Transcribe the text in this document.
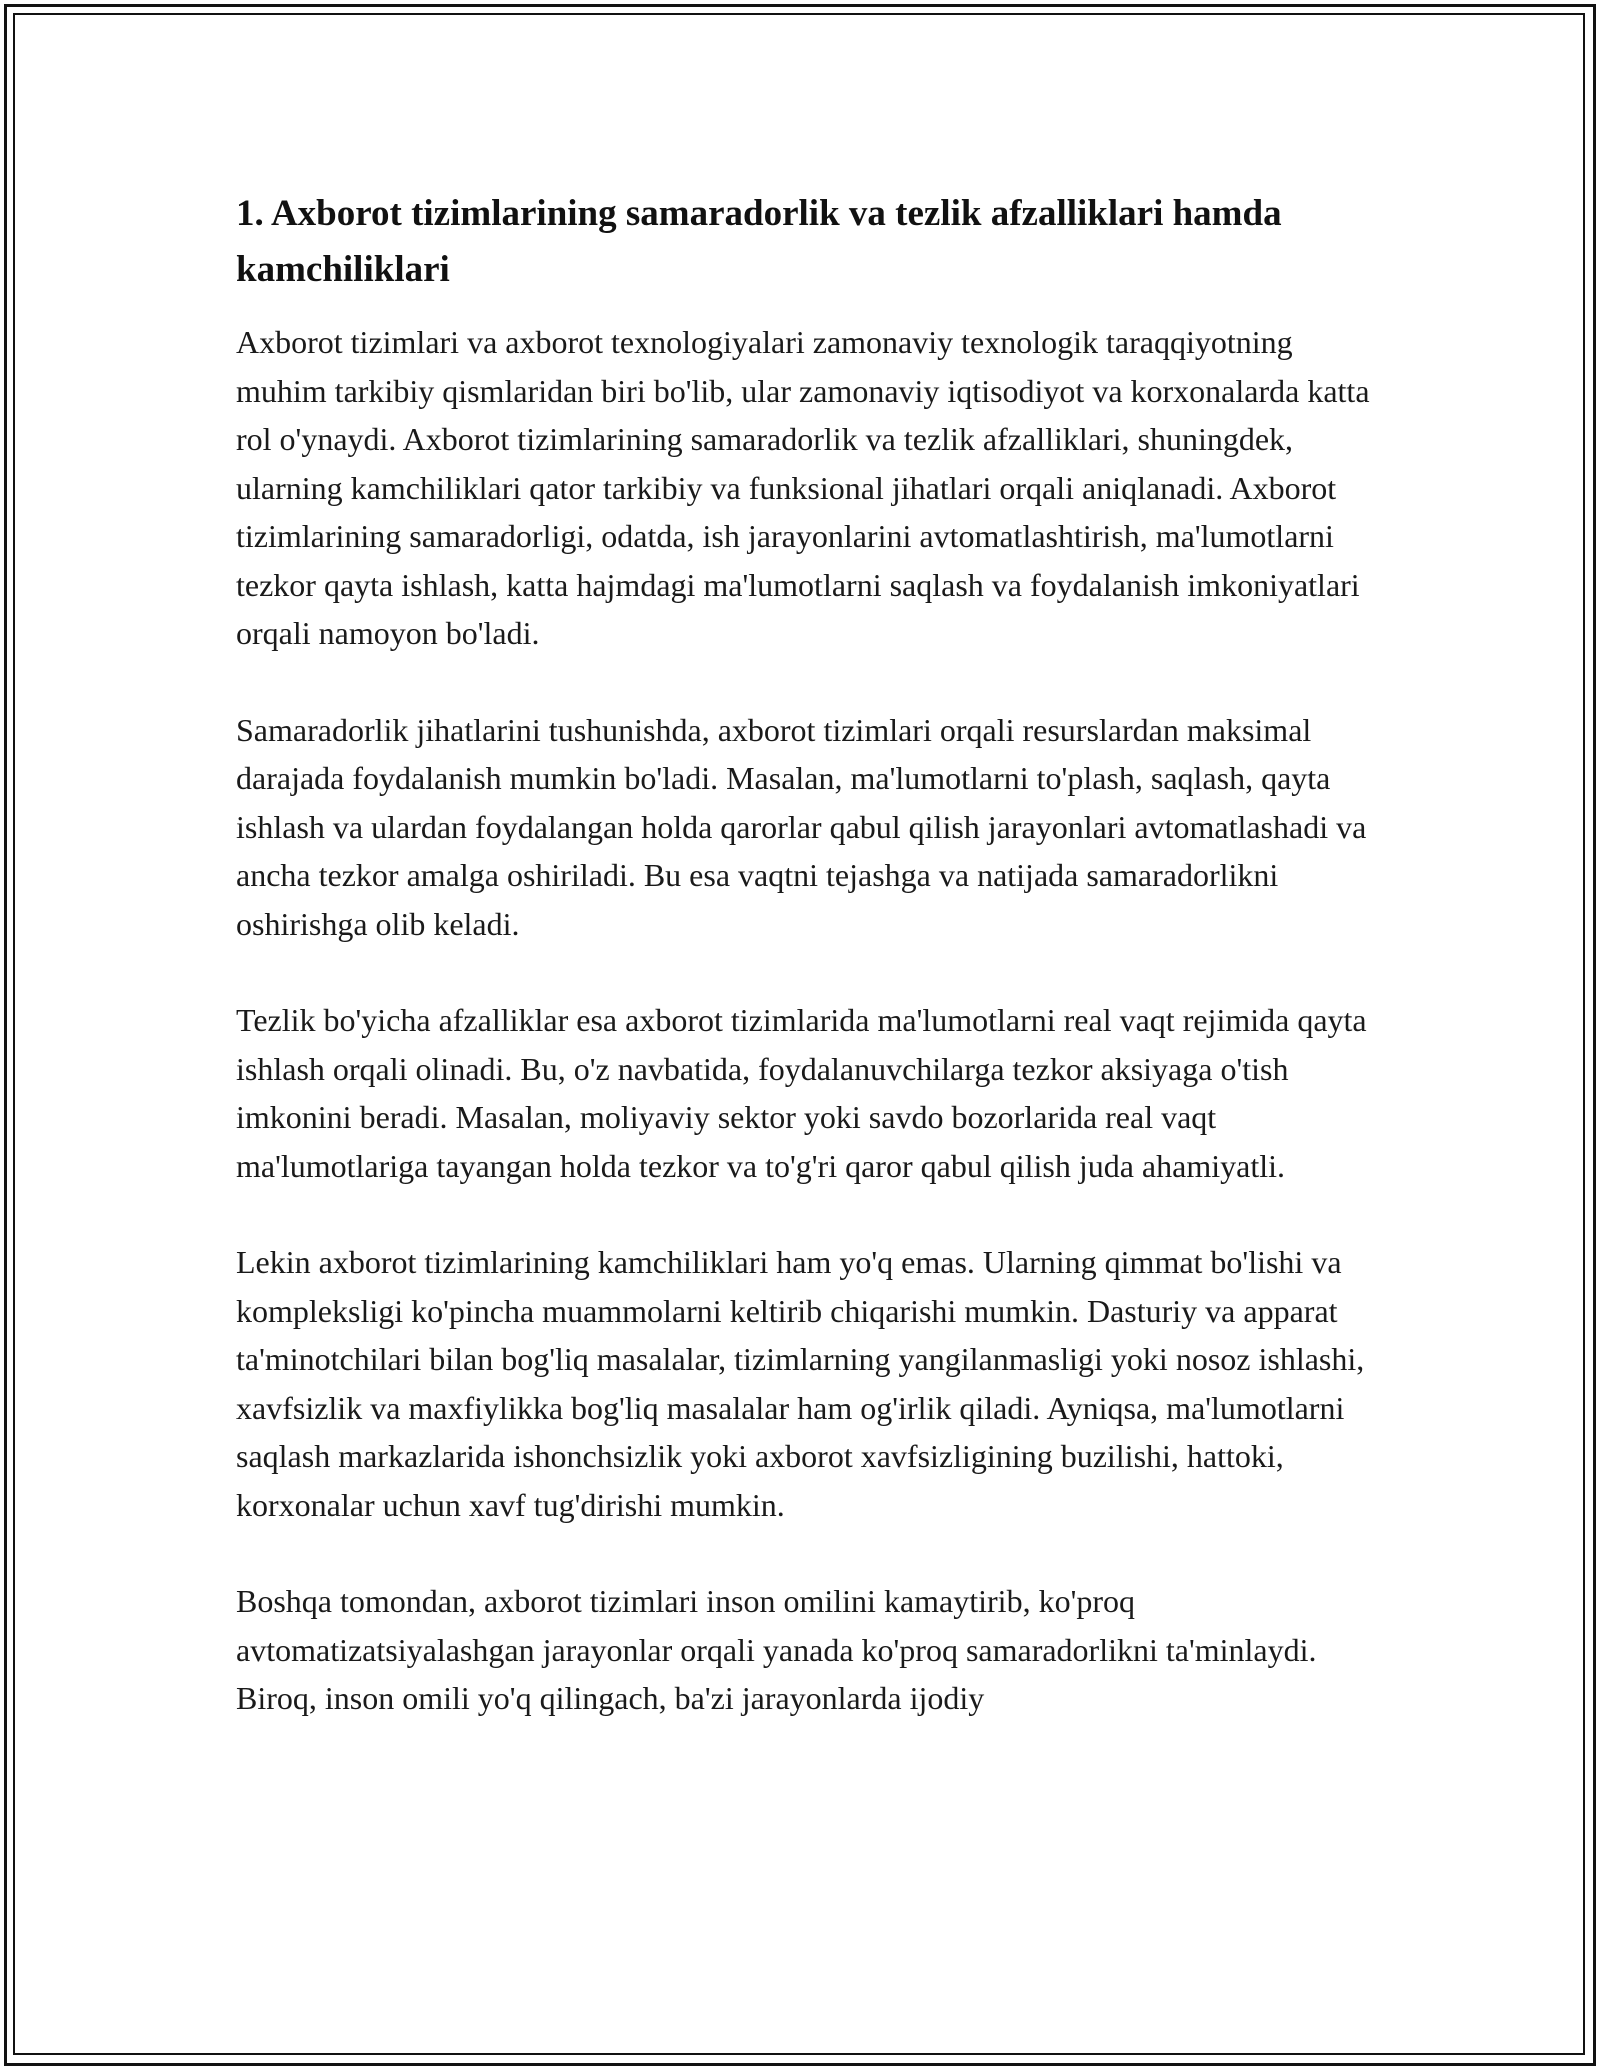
1. Axborot tizimlarining samaradorlik va tezlik afzalliklari hamda kamchiliklari

Axborot tizimlari va axborot texnologiyalari zamonaviy texnologik taraqqiyotning muhim tarkibiy qismlaridan biri bo'lib, ular zamonaviy iqtisodiyot va korxonalarda katta rol o'ynaydi. Axborot tizimlarining samaradorlik va tezlik afzalliklari, shuningdek, ularning kamchiliklari qator tarkibiy va funksional jihatlari orqali aniqlanadi. Axborot tizimlarining samaradorligi, odatda, ish jarayonlarini avtomatlashtirish, ma'lumotlarni tezkor qayta ishlash, katta hajmdagi ma'lumotlarni saqlash va foydalanish imkoniyatlari orqali namoyon bo'ladi.

Samaradorlik jihatlarini tushunishda, axborot tizimlari orqali resurslardan maksimal darajada foydalanish mumkin bo'ladi. Masalan, ma'lumotlarni to'plash, saqlash, qayta ishlash va ulardan foydalangan holda qarorlar qabul qilish jarayonlari avtomatlashadi va ancha tezkor amalga oshiriladi. Bu esa vaqtni tejashga va natijada samaradorlikni oshirishga olib keladi.

Tezlik bo'yicha afzalliklar esa axborot tizimlarida ma'lumotlarni real vaqt rejimida qayta ishlash orqali olinadi. Bu, o'z navbatida, foydalanuvchilarga tezkor aksiyaga o'tish imkonini beradi. Masalan, moliyaviy sektor yoki savdo bozorlarida real vaqt ma'lumotlariga tayangan holda tezkor va to'g'ri qaror qabul qilish juda ahamiyatli.

Lekin axborot tizimlarining kamchiliklari ham yo'q emas. Ularning qimmat bo'lishi va kompleksligi ko'pincha muammolarni keltirib chiqarishi mumkin. Dasturiy va apparat ta'minotchilari bilan bog'liq masalalar, tizimlarning yangilanmasligi yoki nosoz ishlashi, xavfsizlik va maxfiylikka bog'liq masalalar ham og'irlik qiladi. Ayniqsa, ma'lumotlarni saqlash markazlarida ishonchsizlik yoki axborot xavfsizligining buzilishi, hattoki, korxonalar uchun xavf tug'dirishi mumkin.

Boshqa tomondan, axborot tizimlari inson omilini kamaytirib, ko'proq avtomatizatsiyalashgan jarayonlar orqali yanada ko'proq samaradorlikni ta'minlaydi. Biroq, inson omili yo'q qilingach, ba'zi jarayonlarda ijodiy
